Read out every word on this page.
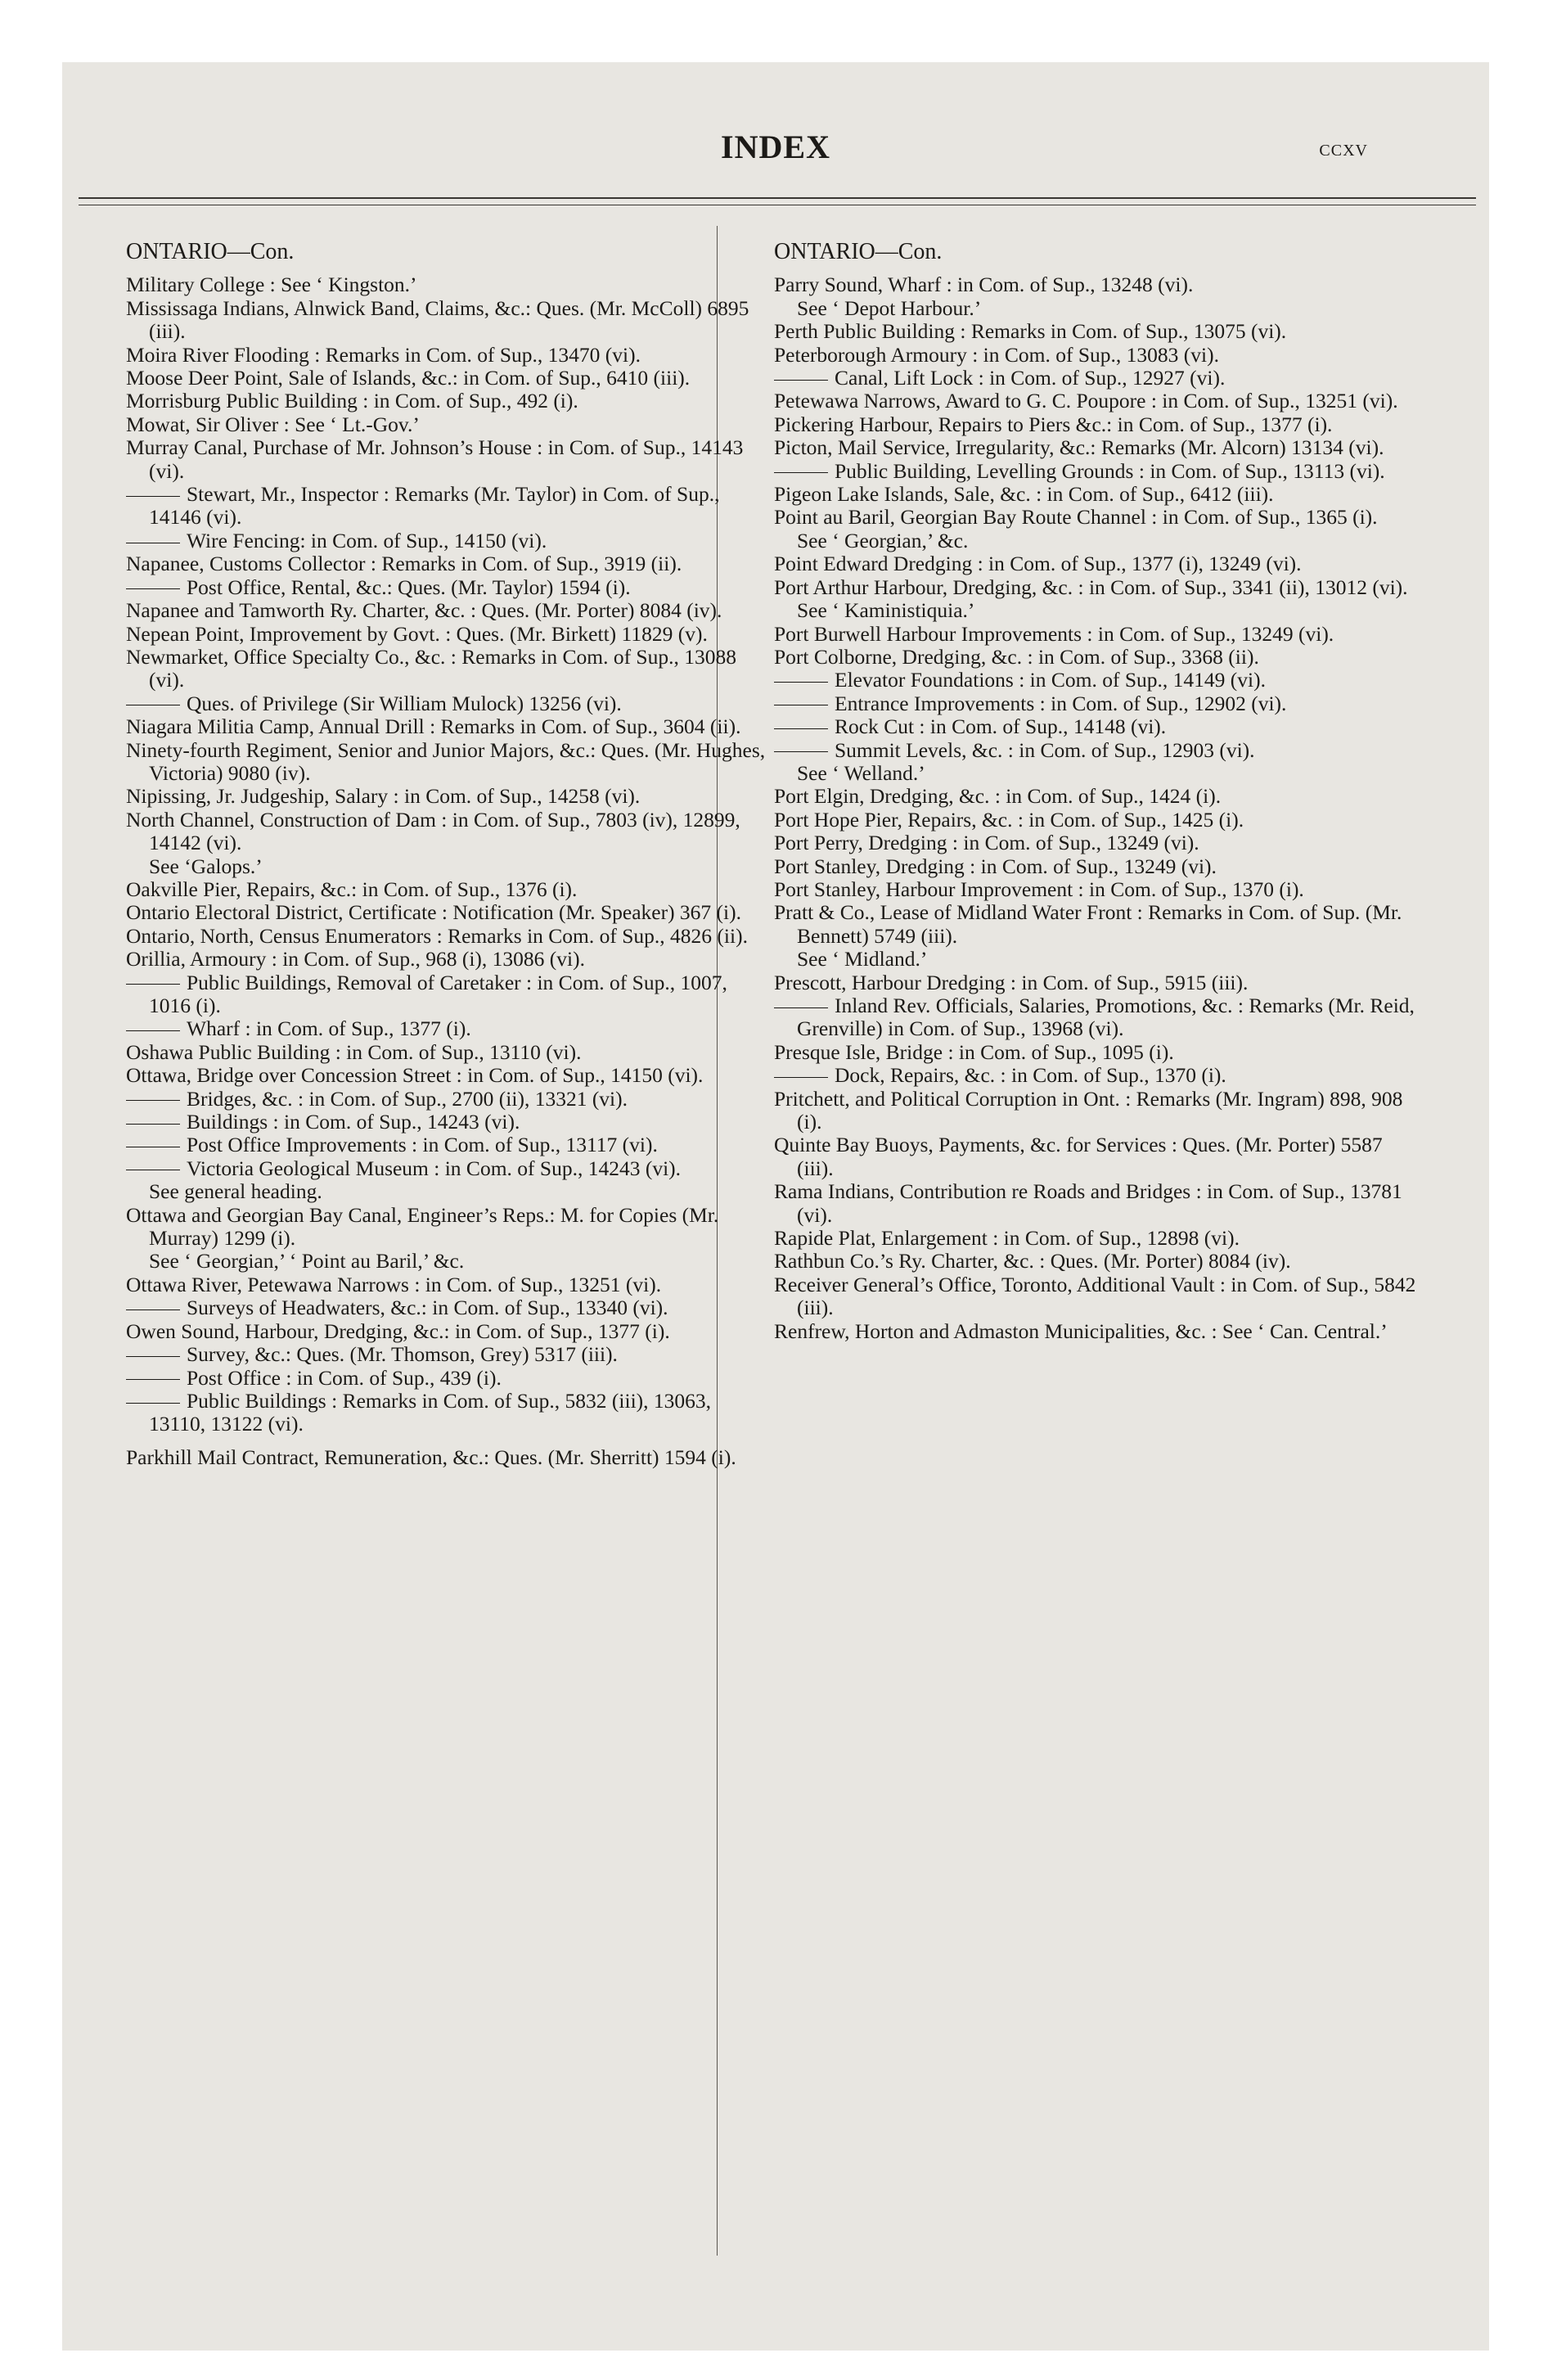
INDEX	ccxv
ONTARIO—Con.

Military College : See ‘ Kingston.’

Mississaga Indians, Alnwick Band, Claims, &c.: Ques. (Mr. McColl) 6895 (iii).

Moira River Flooding : Remarks in Com. of Sup., 13470 (vi).

Moose Deer Point, Sale of Islands, &c.: in Com. of Sup., 6410 (iii).

Morrisburg Public Building : in Com. of Sup., 492 (i).

Mowat, Sir Oliver : See ‘ Lt.-Gov.’

Murray Canal, Purchase of Mr. Johnson’s House : in Com. of Sup., 14143 (vi).

Stewart, Mr., Inspector : Remarks (Mr. Taylor) in Com. of Sup., 14146 (vi).

Wire Fencing: in Com. of Sup., 14150 (vi).

Napanee, Customs Collector : Remarks in Com. of Sup., 3919 (ii).

Post Office, Rental, &c.: Ques. (Mr. Taylor) 1594 (i).

Napanee and Tamworth Ry. Charter, &c. : Ques. (Mr. Porter) 8084 (iv).

Nepean Point, Improvement by Govt. : Ques. (Mr. Birkett) 11829 (v).

Newmarket, Office Specialty Co., &c. : Remarks in Com. of Sup., 13088 (vi).

Ques. of Privilege (Sir William Mulock) 13256 (vi).

Niagara Militia Camp, Annual Drill : Remarks in Com. of Sup., 3604 (ii).

Ninety-fourth Regiment, Senior and Junior Majors, &c.: Ques. (Mr. Hughes, Victoria) 9080 (iv).

Nipissing, Jr. Judgeship, Salary : in Com. of Sup., 14258 (vi).

North Channel, Construction of Dam : in Com. of Sup., 7803 (iv), 12899, 14142 (vi).

See ‘Galops.’

Oakville Pier, Repairs, &c.: in Com. of Sup., 1376 (i).

Ontario Electoral District, Certificate : Notification (Mr. Speaker) 367 (i).

Ontario, North, Census Enumerators : Remarks in Com. of Sup., 4826 (ii).

Orillia, Armoury : in Com. of Sup., 968 (i), 13086 (vi).

Public Buildings, Removal of Caretaker : in Com. of Sup., 1007, 1016 (i).

Wharf : in Com. of Sup., 1377 (i).

Oshawa Public Building : in Com. of Sup., 13110 (vi).

Ottawa, Bridge over Concession Street : in Com. of Sup., 14150 (vi).

Bridges, &c. : in Com. of Sup., 2700 (ii), 13321 (vi).

Buildings : in Com. of Sup., 14243 (vi).

Post Office Improvements : in Com. of Sup., 13117 (vi).

Victoria Geological Museum : in Com. of Sup., 14243 (vi).

See general heading.

Ottawa and Georgian Bay Canal, Engineer’s Reps.: M. for Copies (Mr. Murray) 1299 (i).

See ‘ Georgian,’ ‘ Point au Baril,’ &c.

Ottawa River, Petewawa Narrows : in Com. of Sup., 13251 (vi).

Surveys of Headwaters, &c.: in Com. of Sup., 13340 (vi).

Owen Sound, Harbour, Dredging, &c.: in Com. of Sup., 1377 (i).

Survey, &c.: Ques. (Mr. Thomson, Grey) 5317 (iii).

Post Office : in Com. of Sup., 439 (i).

Public Buildings : Remarks in Com. of Sup., 5832 (iii), 13063, 13110, 13122 (vi).

Parkhill Mail Contract, Remuneration, &c.: Ques. (Mr. Sherritt) 1594 (i).

ONTARIO—Con.

Parry Sound, Wharf : in Com. of Sup., 13248 (vi).

See ‘ Depot Harbour.’

Perth Public Building : Remarks in Com. of Sup., 13075 (vi).

Peterborough Armoury : in Com. of Sup., 13083 (vi).

Canal, Lift Lock : in Com. of Sup., 12927 (vi).

Petewawa Narrows, Award to G. C. Poupore : in Com. of Sup., 13251 (vi).

Pickering Harbour, Repairs to Piers &c.: in Com. of Sup., 1377 (i).

Picton, Mail Service, Irregularity, &c.: Remarks (Mr. Alcorn) 13134 (vi).

Public Building, Levelling Grounds : in Com. of Sup., 13113 (vi).

Pigeon Lake Islands, Sale, &c. : in Com. of Sup., 6412 (iii).

Point au Baril, Georgian Bay Route Channel : in Com. of Sup., 1365 (i).

See ‘ Georgian,’ &c.

Point Edward Dredging : in Com. of Sup., 1377 (i), 13249 (vi).

Port Arthur Harbour, Dredging, &c. : in Com. of Sup., 3341 (ii), 13012 (vi).

See ‘ Kaministiquia.’

Port Burwell Harbour Improvements : in Com. of Sup., 13249 (vi).

Port Colborne, Dredging, &c. : in Com. of Sup., 3368 (ii).

Elevator Foundations : in Com. of Sup., 14149 (vi).

Entrance Improvements : in Com. of Sup., 12902 (vi).

Rock Cut : in Com. of Sup., 14148 (vi).

Summit Levels, &c. : in Com. of Sup., 12903 (vi).

See ‘ Welland.’

Port Elgin, Dredging, &c. : in Com. of Sup., 1424 (i).

Port Hope Pier, Repairs, &c. : in Com. of Sup., 1425 (i).

Port Perry, Dredging : in Com. of Sup., 13249 (vi).

Port Stanley, Dredging : in Com. of Sup., 13249 (vi).

Port Stanley, Harbour Improvement : in Com. of Sup., 1370 (i).

Pratt & Co., Lease of Midland Water Front : Remarks in Com. of Sup. (Mr. Bennett) 5749 (iii).

See ‘ Midland.’

Prescott, Harbour Dredging : in Com. of Sup., 5915 (iii).

Inland Rev. Officials, Salaries, Promotions, &c. : Remarks (Mr. Reid, Grenville) in Com. of Sup., 13968 (vi).

Presque Isle, Bridge : in Com. of Sup., 1095 (i).

Dock, Repairs, &c. : in Com. of Sup., 1370 (i).

Pritchett, and Political Corruption in Ont. : Remarks (Mr. Ingram) 898, 908 (i).

Quinte Bay Buoys, Payments, &c. for Services : Ques. (Mr. Porter) 5587 (iii).

Rama Indians, Contribution re Roads and Bridges : in Com. of Sup., 13781 (vi).

Rapide Plat, Enlargement : in Com. of Sup., 12898 (vi).

Rathbun Co.’s Ry. Charter, &c. : Ques. (Mr. Porter) 8084 (iv).

Receiver General’s Office, Toronto, Additional Vault : in Com. of Sup., 5842 (iii).

Renfrew, Horton and Admaston Municipalities, &c. : See ‘ Can. Central.’
